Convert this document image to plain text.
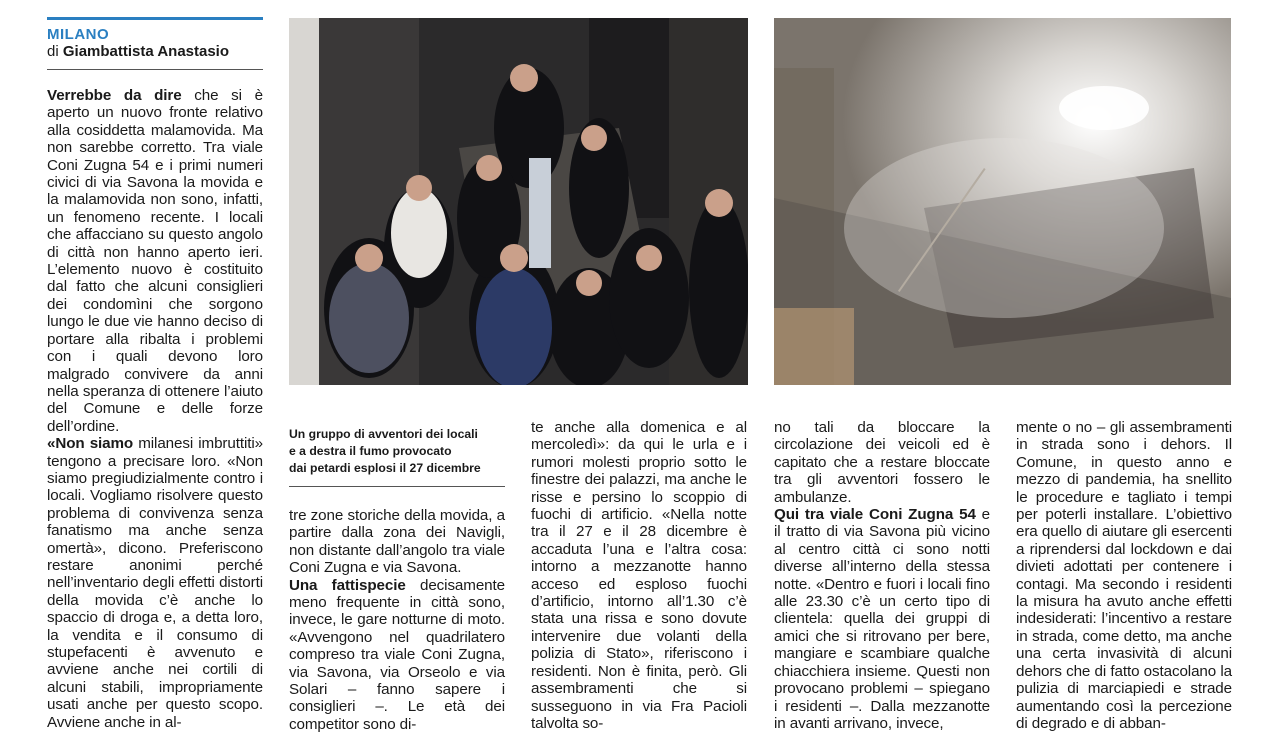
MILANO
di Giambattista Anastasio

Verrebbe da dire che si è aperto un nuovo fronte relativo alla cosiddetta malamovida. Ma non sarebbe corretto. Tra viale Coni Zugna 54 e i primi numeri civici di via Savona la movida e la malamovida non sono, infatti, un fenomeno recente. I locali che affacciano su questo angolo di città non hanno aperto ieri. L’elemento nuovo è costituito dal fatto che alcuni consiglieri dei condomìni che sorgono lungo le due vie hanno deciso di portare alla ribalta i problemi con i quali devono loro malgrado convivere da anni nella speranza di ottenere l’aiuto del Comune e delle forze dell’ordine.

«Non siamo milanesi imbruttiti» tengono a precisare loro. «Non siamo pregiudizialmente contro i locali. Vogliamo risolvere questo problema di convivenza senza fanatismo ma anche senza omertà», dicono. Preferiscono restare anonimi perché nell’inventario degli effetti distorti della movida c’è anche lo spaccio di droga e, a detta loro, la vendita e il consumo di stupefacenti è avvenuto e avviene anche nei cortili di alcuni stabili, impropriamente usati anche per questo scopo. Avviene anche in al-

Un gruppo di avventori dei locali
e a destra il fumo provocato
dai petardi esplosi il 27 dicembre

tre zone storiche della movida, a partire dalla zona dei Navigli, non distante dall’angolo tra viale Coni Zugna e via Savona.

Una fattispecie decisamente meno frequente in città sono, invece, le gare notturne di moto. «Avvengono nel quadrilatero compreso tra viale Coni Zugna, via Savona, via Orseolo e via Solari – fanno sapere i consiglieri –. Le età dei competitor sono di-

te anche alla domenica e al mercoledì»: da qui le urla e i rumori molesti proprio sotto le finestre dei palazzi, ma anche le risse e persino lo scoppio di fuochi di artificio. «Nella notte tra il 27 e il 28 dicembre è accaduta l’una e l’altra cosa: intorno a mezzanotte hanno acceso ed esploso fuochi d’artificio, intorno all’1.30 c’è stata una rissa e sono dovute intervenire due volanti della polizia di Stato», riferiscono i residenti. Non è finita, però. Gli assembramenti che si susseguono in via Fra Pacioli talvolta so-

no tali da bloccare la circolazione dei veicoli ed è capitato che a restare bloccate tra gli avventori fossero le ambulanze.

Qui tra viale Coni Zugna 54 e il tratto di via Savona più vicino al centro città ci sono notti diverse all’interno della stessa notte. «Dentro e fuori i locali fino alle 23.30 c’è un certo tipo di clientela: quella dei gruppi di amici che si ritrovano per bere, mangiare e scambiare qualche chiacchiera insieme. Questi non provocano problemi – spiegano i residenti –. Dalla mezzanotte in avanti arrivano, invece,

mente o no – gli assembramenti in strada sono i dehors. Il Comune, in questo anno e mezzo di pandemia, ha snellito le procedure e tagliato i tempi per poterli installare. L’obiettivo era quello di aiutare gli esercenti a riprendersi dal lockdown e dai divieti adottati per contenere i contagi. Ma secondo i residenti la misura ha avuto anche effetti indesiderati: l’incentivo a restare in strada, come detto, ma anche una certa invasività di alcuni dehors che di fatto ostacolano la pulizia di marciapiedi e strade aumentando così la percezione di degrado e di abban-
